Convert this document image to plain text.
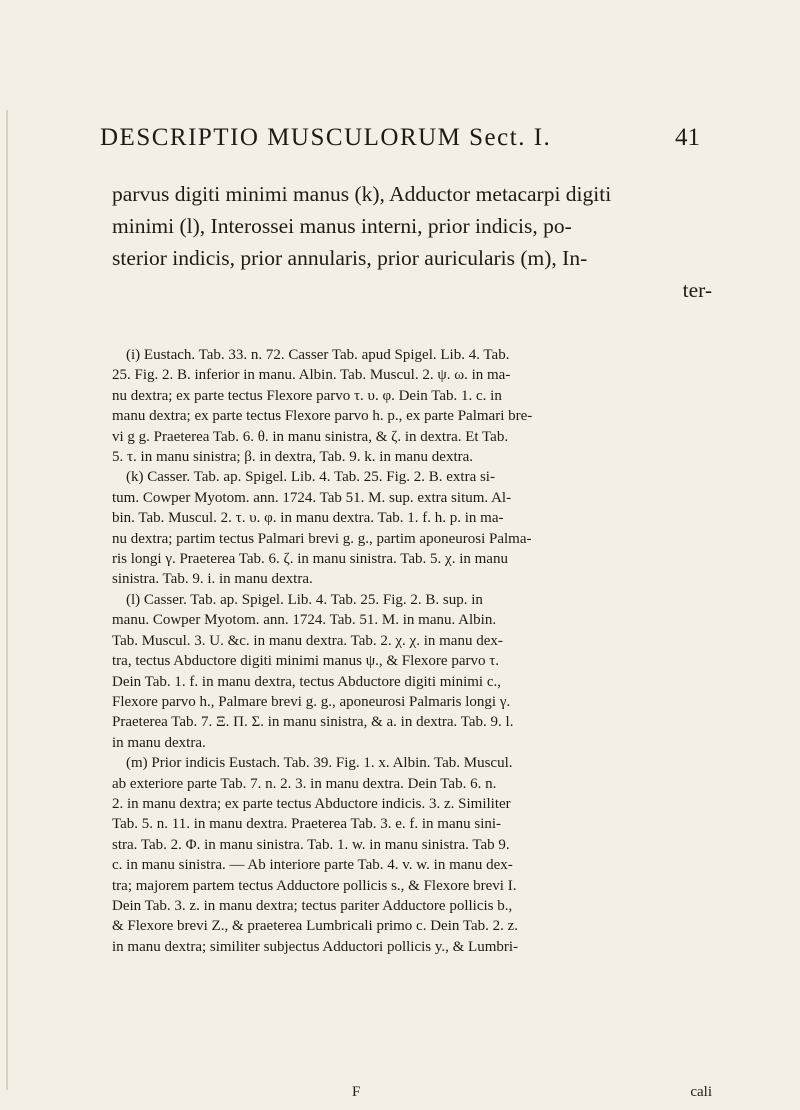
DESCRIPTIO MUSCULORUM Sect. I.	41
parvus digiti minimi manus (k), Adductor metacarpi digiti
minimi (l), Interossei manus interni, prior indicis, po-
sterior indicis, prior annularis, prior auricularis (m), In-
ter-
(i) Eustach. Tab. 33. n. 72. Casser Tab. apud Spigel. Lib. 4. Tab.
25. Fig. 2. B. inferior in manu. Albin. Tab. Muscul. 2. ψ. ω. in ma-
nu dextra; ex parte tectus Flexore parvo τ. υ. φ. Dein Tab. 1. c. in
manu dextra; ex parte tectus Flexore parvo h. p., ex parte Palmari bre-
vi g g. Praeterea Tab. 6. θ. in manu sinistra, & ζ. in dextra. Et Tab.
5. τ. in manu sinistra; β. in dextra, Tab. 9. k. in manu dextra.
(k) Casser. Tab. ap. Spigel. Lib. 4. Tab. 25. Fig. 2. B. extra si-
tum. Cowper Myotom. ann. 1724. Tab 51. M. sup. extra situm. Al-
bin. Tab. Muscul. 2. τ. υ. φ. in manu dextra. Tab. 1. f. h. p. in ma-
nu dextra; partim tectus Palmari brevi g. g., partim aponeurosi Palma-
ris longi γ. Praeterea Tab. 6. ζ. in manu sinistra. Tab. 5. χ. in manu
sinistra. Tab. 9. i. in manu dextra.
(l) Casser. Tab. ap. Spigel. Lib. 4. Tab. 25. Fig. 2. B. sup. in
manu. Cowper Myotom. ann. 1724. Tab. 51. M. in manu. Albin.
Tab. Muscul. 3. U. &c. in manu dextra. Tab. 2. χ. χ. in manu dex-
tra, tectus Abductore digiti minimi manus ψ., & Flexore parvo τ.
Dein Tab. 1. f. in manu dextra, tectus Abductore digiti minimi c.,
Flexore parvo h., Palmare brevi g. g., aponeurosi Palmaris longi γ.
Praeterea Tab. 7. Ξ. Π. Σ. in manu sinistra, & a. in dextra. Tab. 9. l.
in manu dextra.
(m) Prior indicis Eustach. Tab. 39. Fig. 1. x. Albin. Tab. Muscul.
ab exteriore parte Tab. 7. n. 2. 3. in manu dextra. Dein Tab. 6. n.
2. in manu dextra; ex parte tectus Abductore indicis. 3. z. Similiter
Tab. 5. n. 11. in manu dextra. Praeterea Tab. 3. e. f. in manu sini-
stra. Tab. 2. Φ. in manu sinistra. Tab. 1. w. in manu sinistra. Tab 9.
c. in manu sinistra. — Ab interiore parte Tab. 4. v. w. in manu dex-
tra; majorem partem tectus Adductore pollicis s., & Flexore brevi I.
Dein Tab. 3. z. in manu dextra; tectus pariter Adductore pollicis b.,
& Flexore brevi Z., & praeterea Lumbricali primo c. Dein Tab. 2. z.
in manu dextra; similiter subjectus Adductori pollicis y., & Lumbri-
F	cali
